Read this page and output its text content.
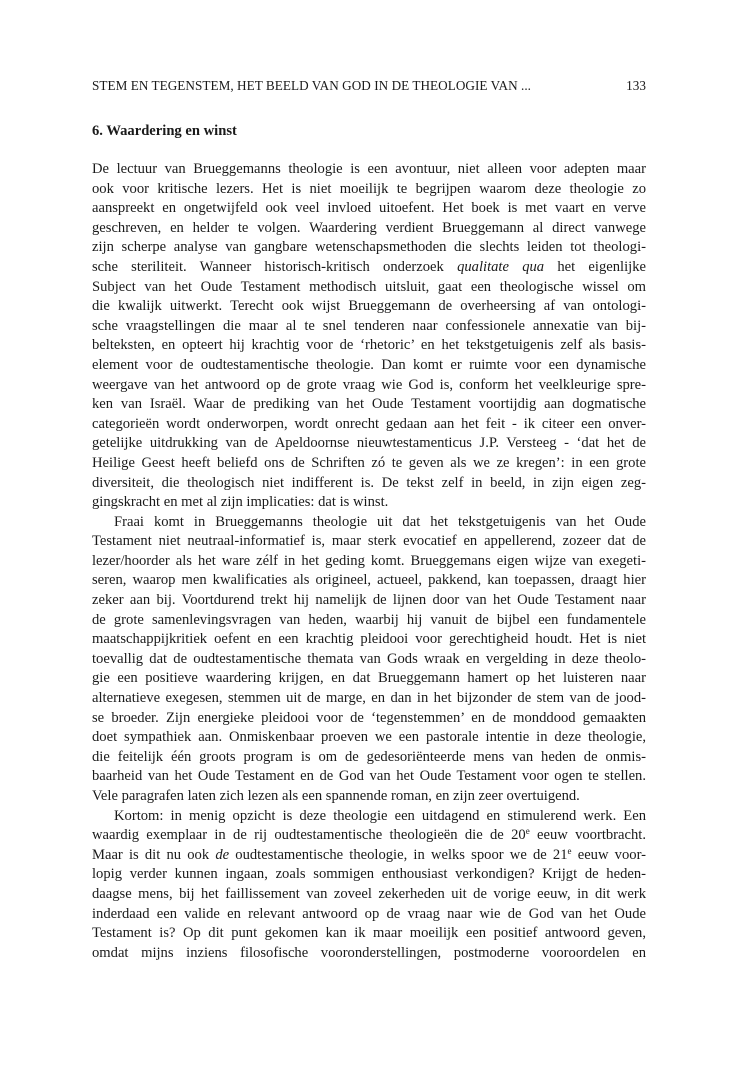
STEM EN TEGENSTEM, HET BEELD VAN GOD IN DE THEOLOGIE VAN ...	133
6. Waardering en winst
De lectuur van Brueggemanns theologie is een avontuur, niet alleen voor adepten maar
ook voor kritische lezers. Het is niet moeilijk te begrijpen waarom deze theologie zo
aanspreekt en ongetwijfeld ook veel invloed uitoefent. Het boek is met vaart en verve
geschreven, en helder te volgen. Waardering verdient Brueggemann al direct vanwege
zijn scherpe analyse van gangbare wetenschapsmethoden die slechts leiden tot theologi-
sche steriliteit. Wanneer historisch-kritisch onderzoek qualitate qua het eigenlijke
Subject van het Oude Testament methodisch uitsluit, gaat een theologische wissel om
die kwalijk uitwerkt. Terecht ook wijst Brueggemann de overheersing af van ontologi-
sche vraagstellingen die maar al te snel tenderen naar confessionele annexatie van bij-
belteksten, en opteert hij krachtig voor de ‘rhetoric’ en het tekstgetuigenis zelf als basis-
element voor de oudtestamentische theologie. Dan komt er ruimte voor een dynamische
weergave van het antwoord op de grote vraag wie God is, conform het veelkleurige spre-
ken van Israël. Waar de prediking van het Oude Testament voortijdig aan dogmatische
categorieën wordt onderworpen, wordt onrecht gedaan aan het feit - ik citeer een onver-
getelijke uitdrukking van de Apeldoornse nieuwtestamenticus J.P. Versteeg - ‘dat het de
Heilige Geest heeft beliefd ons de Schriften zó te geven als we ze kregen’: in een grote
diversiteit, die theologisch niet indifferent is. De tekst zelf in beeld, in zijn eigen zeg-
gingskracht en met al zijn implicaties: dat is winst.
Fraai komt in Brueggemanns theologie uit dat het tekstgetuigenis van het Oude
Testament niet neutraal-informatief is, maar sterk evocatief en appellerend, zozeer dat de
lezer/hoorder als het ware zélf in het geding komt. Brueggemans eigen wijze van exegeti-
seren, waarop men kwalificaties als origineel, actueel, pakkend, kan toepassen, draagt hier
zeker aan bij. Voortdurend trekt hij namelijk de lijnen door van het Oude Testament naar
de grote samenlevingsvragen van heden, waarbij hij vanuit de bijbel een fundamentele
maatschappijkritiek oefent en een krachtig pleidooi voor gerechtigheid houdt. Het is niet
toevallig dat de oudtestamentische themata van Gods wraak en vergelding in deze theolo-
gie een positieve waardering krijgen, en dat Brueggemann hamert op het luisteren naar
alternatieve exegesen, stemmen uit de marge, en dan in het bijzonder de stem van de jood-
se broeder. Zijn energieke pleidooi voor de ‘tegenstemmen’ en de monddood gemaakten
doet sympathiek aan. Onmiskenbaar proeven we een pastorale intentie in deze theologie,
die feitelijk één groots program is om de gedesoriënteerde mens van heden de onmis-
baarheid van het Oude Testament en de God van het Oude Testament voor ogen te stellen.
Vele paragrafen laten zich lezen als een spannende roman, en zijn zeer overtuigend.
Kortom: in menig opzicht is deze theologie een uitdagend en stimulerend werk. Een
waardig exemplaar in de rij oudtestamentische theologieën die de 20e eeuw voortbracht.
Maar is dit nu ook de oudtestamentische theologie, in welks spoor we de 21e eeuw voor-
lopig verder kunnen ingaan, zoals sommigen enthousiast verkondigen? Krijgt de heden-
daagse mens, bij het faillissement van zoveel zekerheden uit de vorige eeuw, in dit werk
inderdaad een valide en relevant antwoord op de vraag naar wie de God van het Oude
Testament is? Op dit punt gekomen kan ik maar moeilijk een positief antwoord geven,
omdat mijns inziens filosofische vooronderstellingen, postmoderne vooroordelen en
